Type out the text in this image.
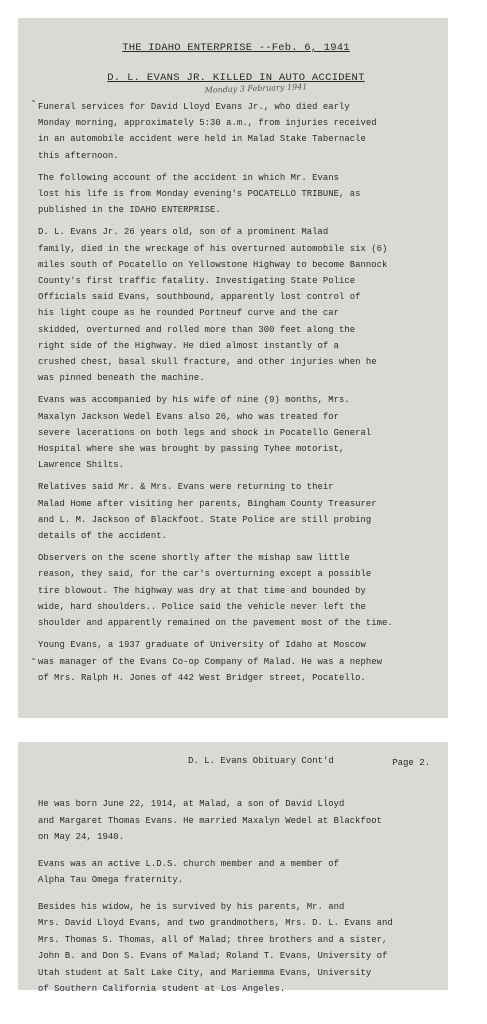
THE IDAHO ENTERPRISE --Feb. 6, 1941
D. L. EVANS JR. KILLED IN AUTO ACCIDENT
Monday 3 February 1941

Funeral services for David Lloyd Evans Jr., who died early
Monday morning, approximately 5:30 a.m., from injuries received
in an automobile accident were held in Malad Stake Tabernacle
this afternoon.

The following account of the accident in which Mr. Evans
lost his life is from Monday evening's POCATELLO TRIBUNE, as
published in the IDAHO ENTERPRISE.

D. L. Evans Jr. 26 years old, son of a prominent Malad
family, died in the wreckage of his overturned automobile six (6)
miles south of Pocatello on Yellowstone Highway to become Bannock
County's first traffic fatality. Investigating State Police
Officials said Evans, southbound, apparently lost control of
his light coupe as he rounded Portneuf curve and the car
skidded, overturned and rolled more than 300 feet along the
right side of the Highway. He died almost instantly of a
crushed chest, basal skull fracture, and other injuries when he
was pinned beneath the machine.

Evans was accompanied by his wife of nine (9) months, Mrs.
Maxalyn Jackson Wedel Evans also 26, who was treated for
severe lacerations on both legs and shock in Pocatello General
Hospital where she was brought by passing Tyhee motorist,
Lawrence Shilts.

Relatives said Mr. & Mrs. Evans were returning to their
Malad Home after visiting her parents, Bingham County Treasurer
and L. M. Jackson of Blackfoot. State Police are still probing
details of the accident.

Observers on the scene shortly after the mishap saw little
reason, they said, for the car's overturning except a possible
tire blowout. The highway was dry at that time and bounded by
wide, hard shoulders.. Police said the vehicle never left the
shoulder and apparently remained on the pavement most of the time.

Young Evans, a 1937 graduate of University of Idaho at Moscow
was manager of the Evans Co-op Company of Malad. He was a nephew
of Mrs. Ralph H. Jones of 442 West Bridger street, Pocatello.

D. L. Evans Obituary Cont'd	Page 2.

He was born June 22, 1914, at Malad, a son of David Lloyd
and Margaret Thomas Evans. He married Maxalyn Wedel at Blackfoot
on May 24, 1940.

Evans was an active L.D.S. church member and a member of
Alpha Tau Omega fraternity.

Besides his widow, he is survived by his parents, Mr. and
Mrs. David Lloyd Evans, and two grandmothers, Mrs. D. L. Evans and
Mrs. Thomas S. Thomas, all of Malad; three brothers and a sister,
John B. and Don S. Evans of Malad; Roland T. Evans, University of
Utah student at Salt Lake City, and Mariemma Evans, University
of Southern California student at Los Angeles.
